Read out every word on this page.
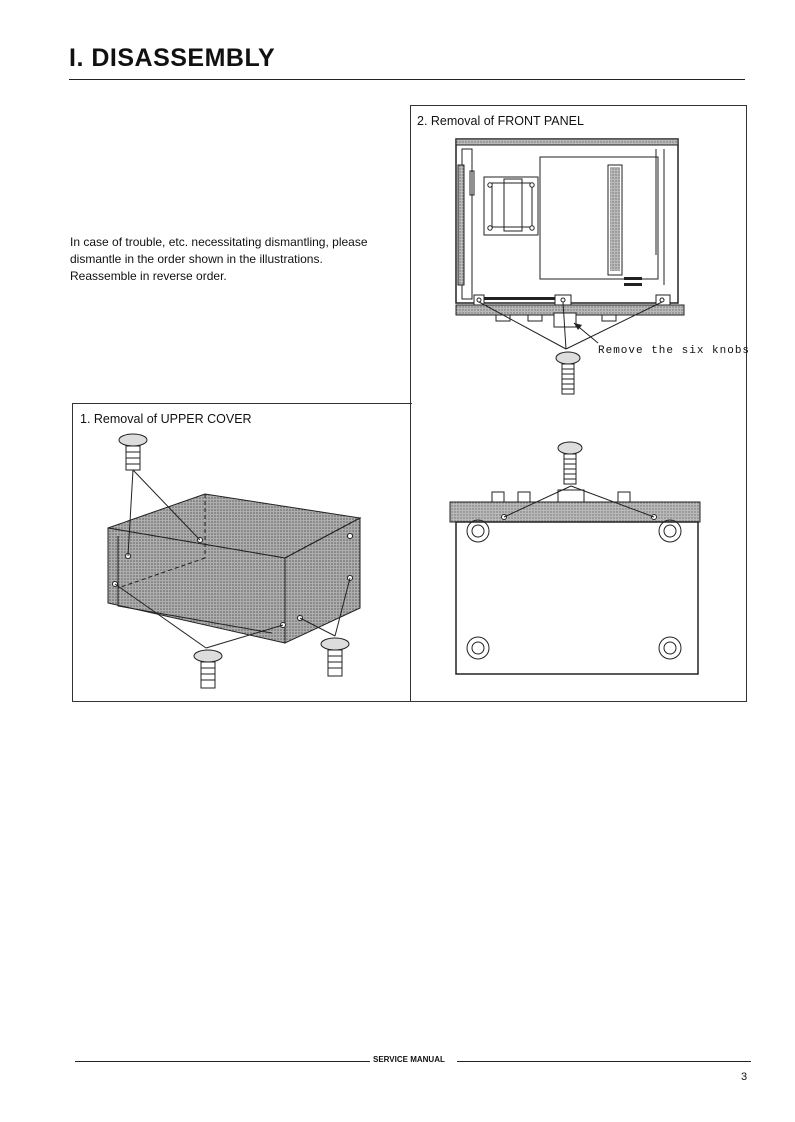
I. DISASSEMBLY
In case of trouble, etc. necessitating dismantling, please
dismantle in the order shown in the illustrations.
Reassemble in reverse order.
2. Removal of FRONT PANEL
1. Removal of UPPER COVER
Remove the six knobs
SERVICE MANUAL
3
